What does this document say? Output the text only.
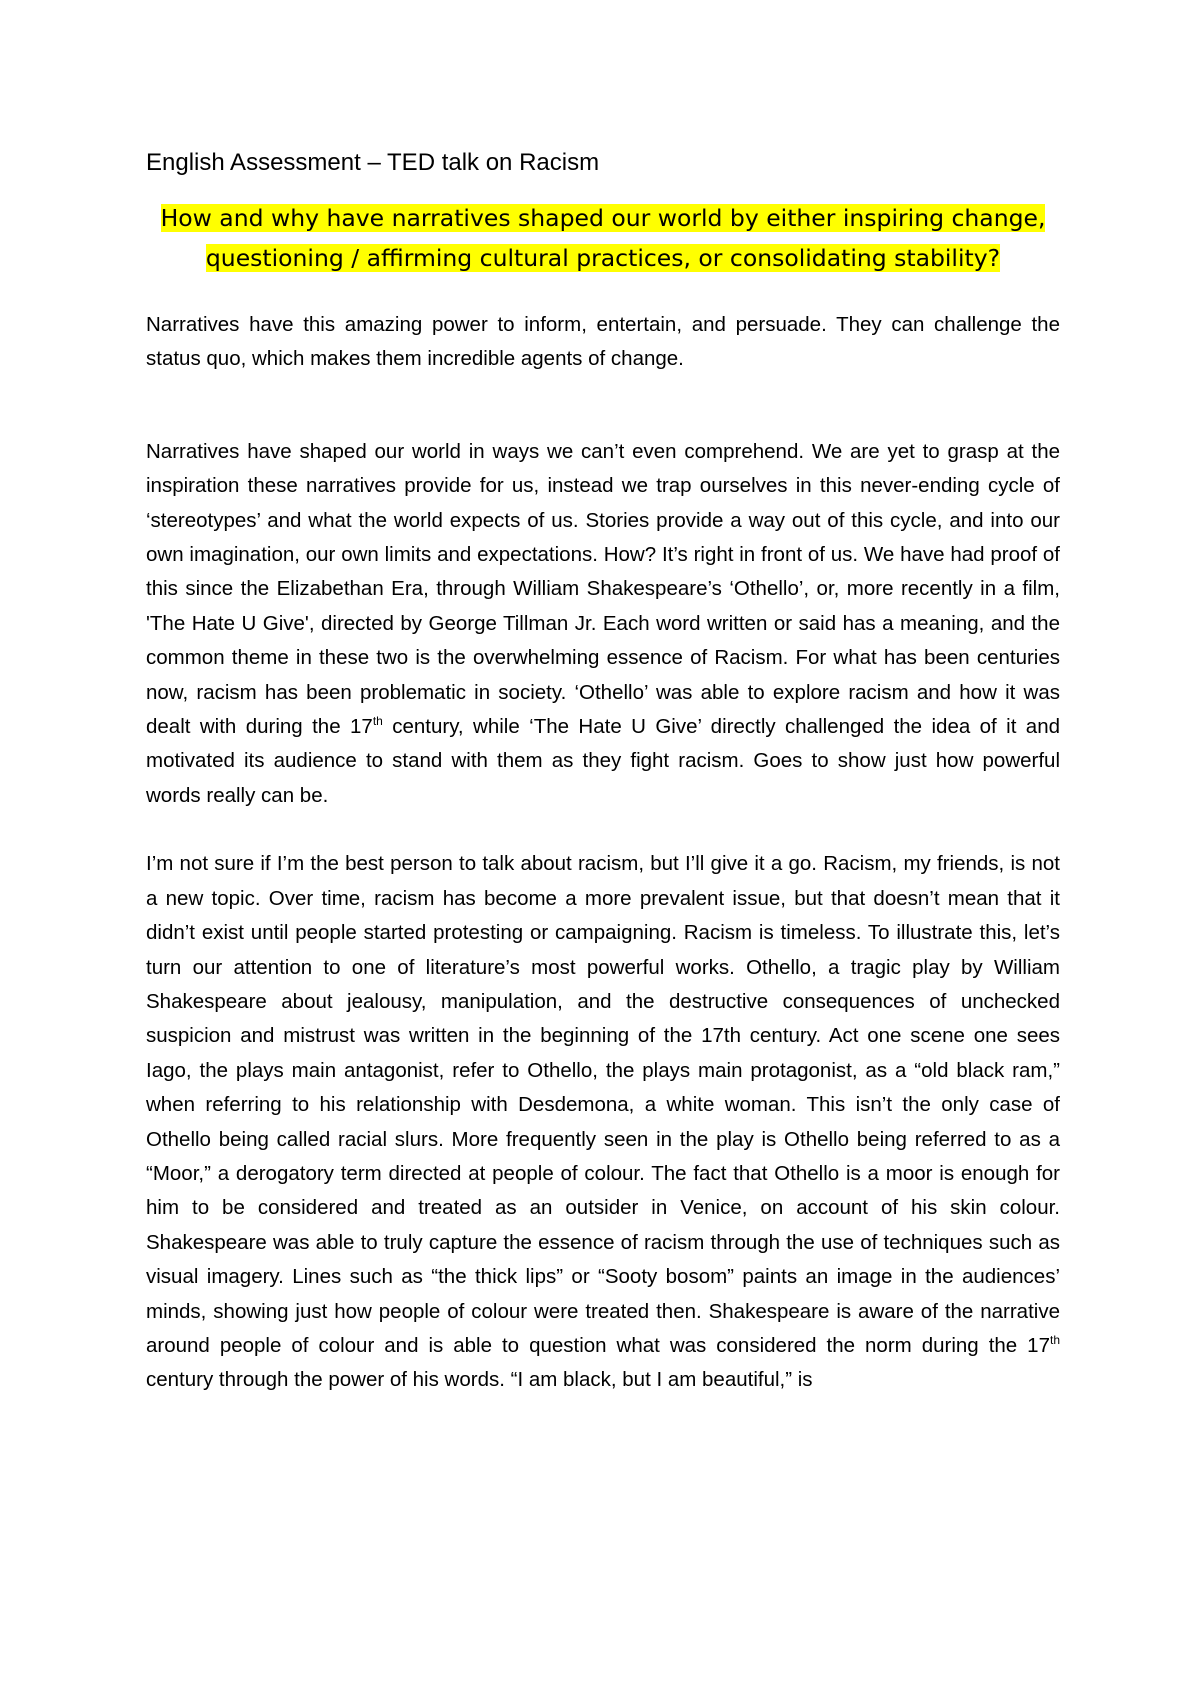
English Assessment – TED talk on Racism

How and why have narratives shaped our world by either inspiring change, questioning / affirming cultural practices, or consolidating stability?

Narratives have this amazing power to inform, entertain, and persuade. They can challenge the status quo, which makes them incredible agents of change.

Narratives have shaped our world in ways we can’t even comprehend. We are yet to grasp at the inspiration these narratives provide for us, instead we trap ourselves in this never-ending cycle of ‘stereotypes’ and what the world expects of us. Stories provide a way out of this cycle, and into our own imagination, our own limits and expectations. How? It’s right in front of us. We have had proof of this since the Elizabethan Era, through William Shakespeare’s ‘Othello’, or, more recently in a film, 'The Hate U Give', directed by George Tillman Jr. Each word written or said has a meaning, and the common theme in these two is the overwhelming essence of Racism. For what has been centuries now, racism has been problematic in society. ‘Othello’ was able to explore racism and how it was dealt with during the 17th century, while ‘The Hate U Give’ directly challenged the idea of it and motivated its audience to stand with them as they fight racism. Goes to show just how powerful words really can be.

I’m not sure if I’m the best person to talk about racism, but I’ll give it a go. Racism, my friends, is not a new topic. Over time, racism has become a more prevalent issue, but that doesn’t mean that it didn’t exist until people started protesting or campaigning. Racism is timeless. To illustrate this, let’s turn our attention to one of literature’s most powerful works. Othello, a tragic play by William Shakespeare about jealousy, manipulation, and the destructive consequences of unchecked suspicion and mistrust was written in the beginning of the 17th century. Act one scene one sees Iago, the plays main antagonist, refer to Othello, the plays main protagonist, as a “old black ram,” when referring to his relationship with Desdemona, a white woman. This isn’t the only case of Othello being called racial slurs. More frequently seen in the play is Othello being referred to as a “Moor,” a derogatory term directed at people of colour. The fact that Othello is a moor is enough for him to be considered and treated as an outsider in Venice, on account of his skin colour. Shakespeare was able to truly capture the essence of racism through the use of techniques such as visual imagery. Lines such as “the thick lips” or “Sooty bosom” paints an image in the audiences’ minds, showing just how people of colour were treated then. Shakespeare is aware of the narrative around people of colour and is able to question what was considered the norm during the 17th century through the power of his words. “I am black, but I am beautiful,” is
